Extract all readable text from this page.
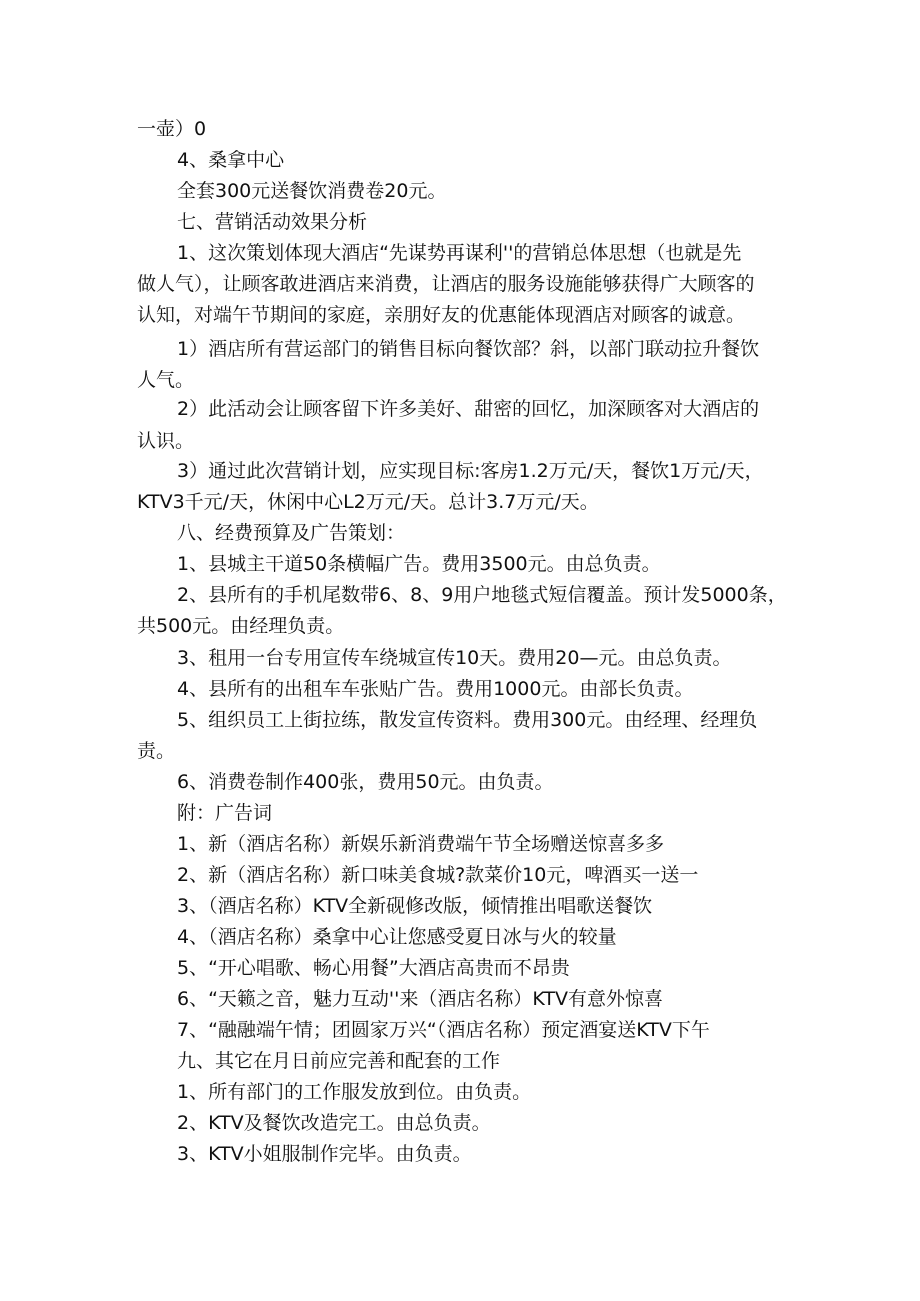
一壶）0
4、桑拿中心
全套300元送餐饮消费卷20元。
七、营销活动效果分析
1、这次策划体现大酒店“先谋势再谋利''的营销总体思想（也就是先
做人气），让顾客敢进酒店来消费，让酒店的服务设施能够获得广大顾客的
认知，对端午节期间的家庭，亲朋好友的优惠能体现酒店对顾客的诚意。
1）酒店所有营运部门的销售目标向餐饮部？斜，以部门联动拉升餐饮
人气。
2）此活动会让顾客留下许多美好、甜密的回忆，加深顾客对大酒店的
认识。
3）通过此次营销计划，应实现目标:客房1.2万元/天，餐饮1万元/天，
KTV3千元/天，休闲中心L2万元/天。总计3.7万元/天。
八、经费预算及广告策划：
1、县城主干道50条横幅广告。费用3500元。由总负责。
2、县所有的手机尾数带6、8、9用户地毯式短信覆盖。预计发5000条，
共500元。由经理负责。
3、租用一台专用宣传车绕城宣传10天。费用20—元。由总负责。
4、县所有的出租车车张贴广告。费用1000元。由部长负责。
5、组织员工上街拉练，散发宣传资料。费用300元。由经理、经理负
责。
6、消费卷制作400张，费用50元。由负责。
附：广告词
1、新（酒店名称）新娱乐新消费端午节全场赠送惊喜多多
2、新（酒店名称）新口味美食城?款菜价10元，啤酒买一送一
3、（酒店名称）KTV全新砚修改版，倾情推出唱歌送餐饮
4、（酒店名称）桑拿中心让您感受夏日冰与火的较量
5、“开心唱歌、畅心用餐”大酒店高贵而不昂贵
6、“天籁之音，魅力互动''来（酒店名称）KTV有意外惊喜
7、“融融端午情；团圆家万兴“（酒店名称）预定酒宴送KTV下午
九、其它在月日前应完善和配套的工作
1、所有部门的工作服发放到位。由负责。
2、KTV及餐饮改造完工。由总负责。
3、KTV小姐服制作完毕。由负责。
